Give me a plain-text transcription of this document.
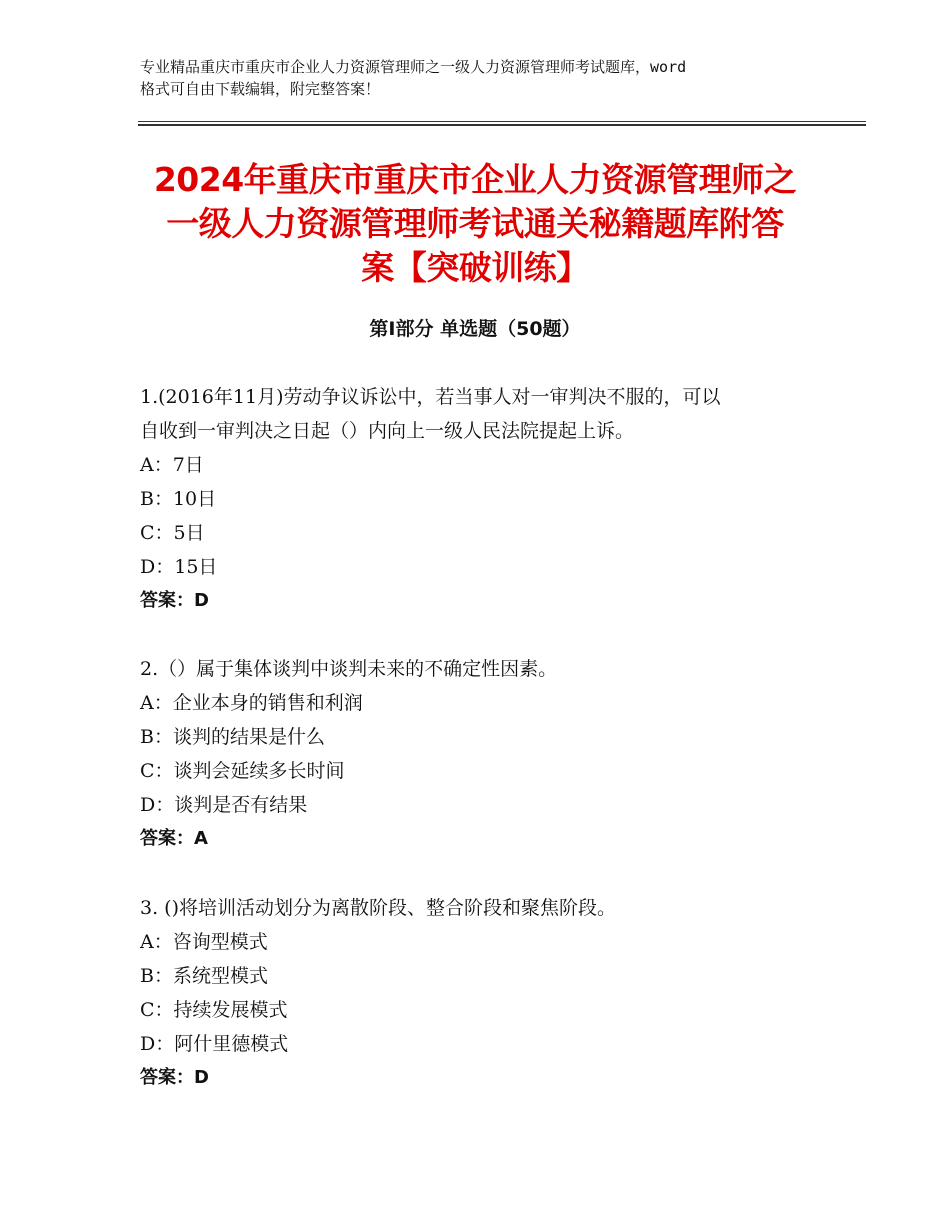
专业精品重庆市重庆市企业人力资源管理师之一级人力资源管理师考试题库，word
格式可自由下载编辑，附完整答案！
2024年重庆市重庆市企业人力资源管理师之
一级人力资源管理师考试通关秘籍题库附答
案【突破训练】
第Ⅰ部分 单选题（50题）

1.(2016年11月)劳动争议诉讼中，若当事人对一审判决不服的，可以

自收到一审判决之日起（）内向上一级人民法院提起上诉。

A：7日

B：10日

C：5日

D：15日

答案：D

2.（）属于集体谈判中谈判未来的不确定性因素。

A：企业本身的销售和利润

B：谈判的结果是什么

C：谈判会延续多长时间

D：谈判是否有结果

答案：A

3. ()将培训活动划分为离散阶段、整合阶段和聚焦阶段。

A：咨询型模式

B：系统型模式

C：持续发展模式

D：阿什里德模式

答案：D
